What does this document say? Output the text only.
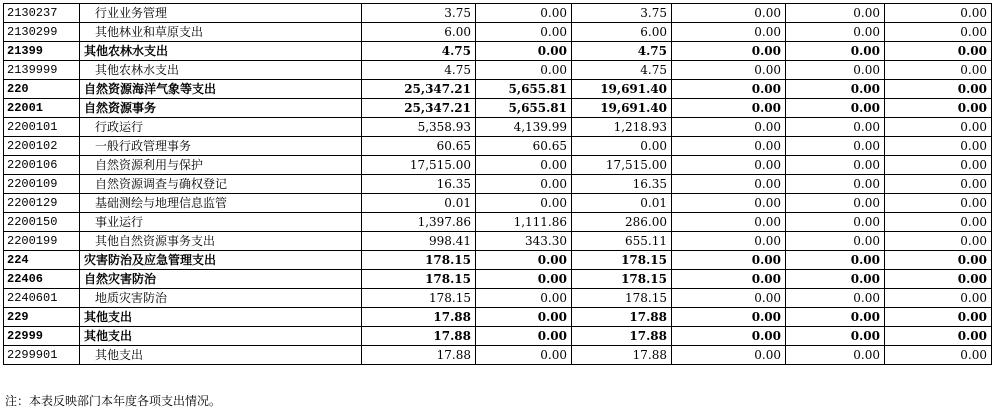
2130237	行业业务管理	3.75	0.00	3.75	0.00	0.00	0.00
2130299	其他林业和草原支出	6.00	0.00	6.00	0.00	0.00	0.00
21399	其他农林水支出	4.75	0.00	4.75	0.00	0.00	0.00
2139999	其他农林水支出	4.75	0.00	4.75	0.00	0.00	0.00
220	自然资源海洋气象等支出	25,347.21	5,655.81	19,691.40	0.00	0.00	0.00
22001	自然资源事务	25,347.21	5,655.81	19,691.40	0.00	0.00	0.00
2200101	行政运行	5,358.93	4,139.99	1,218.93	0.00	0.00	0.00
2200102	一般行政管理事务	60.65	60.65	0.00	0.00	0.00	0.00
2200106	自然资源利用与保护	17,515.00	0.00	17,515.00	0.00	0.00	0.00
2200109	自然资源调查与确权登记	16.35	0.00	16.35	0.00	0.00	0.00
2200129	基础测绘与地理信息监管	0.01	0.00	0.01	0.00	0.00	0.00
2200150	事业运行	1,397.86	1,111.86	286.00	0.00	0.00	0.00
2200199	其他自然资源事务支出	998.41	343.30	655.11	0.00	0.00	0.00
224	灾害防治及应急管理支出	178.15	0.00	178.15	0.00	0.00	0.00
22406	自然灾害防治	178.15	0.00	178.15	0.00	0.00	0.00
2240601	地质灾害防治	178.15	0.00	178.15	0.00	0.00	0.00
229	其他支出	17.88	0.00	17.88	0.00	0.00	0.00
22999	其他支出	17.88	0.00	17.88	0.00	0.00	0.00
2299901	其他支出	17.88	0.00	17.88	0.00	0.00	0.00
注：本表反映部门本年度各项支出情况。
